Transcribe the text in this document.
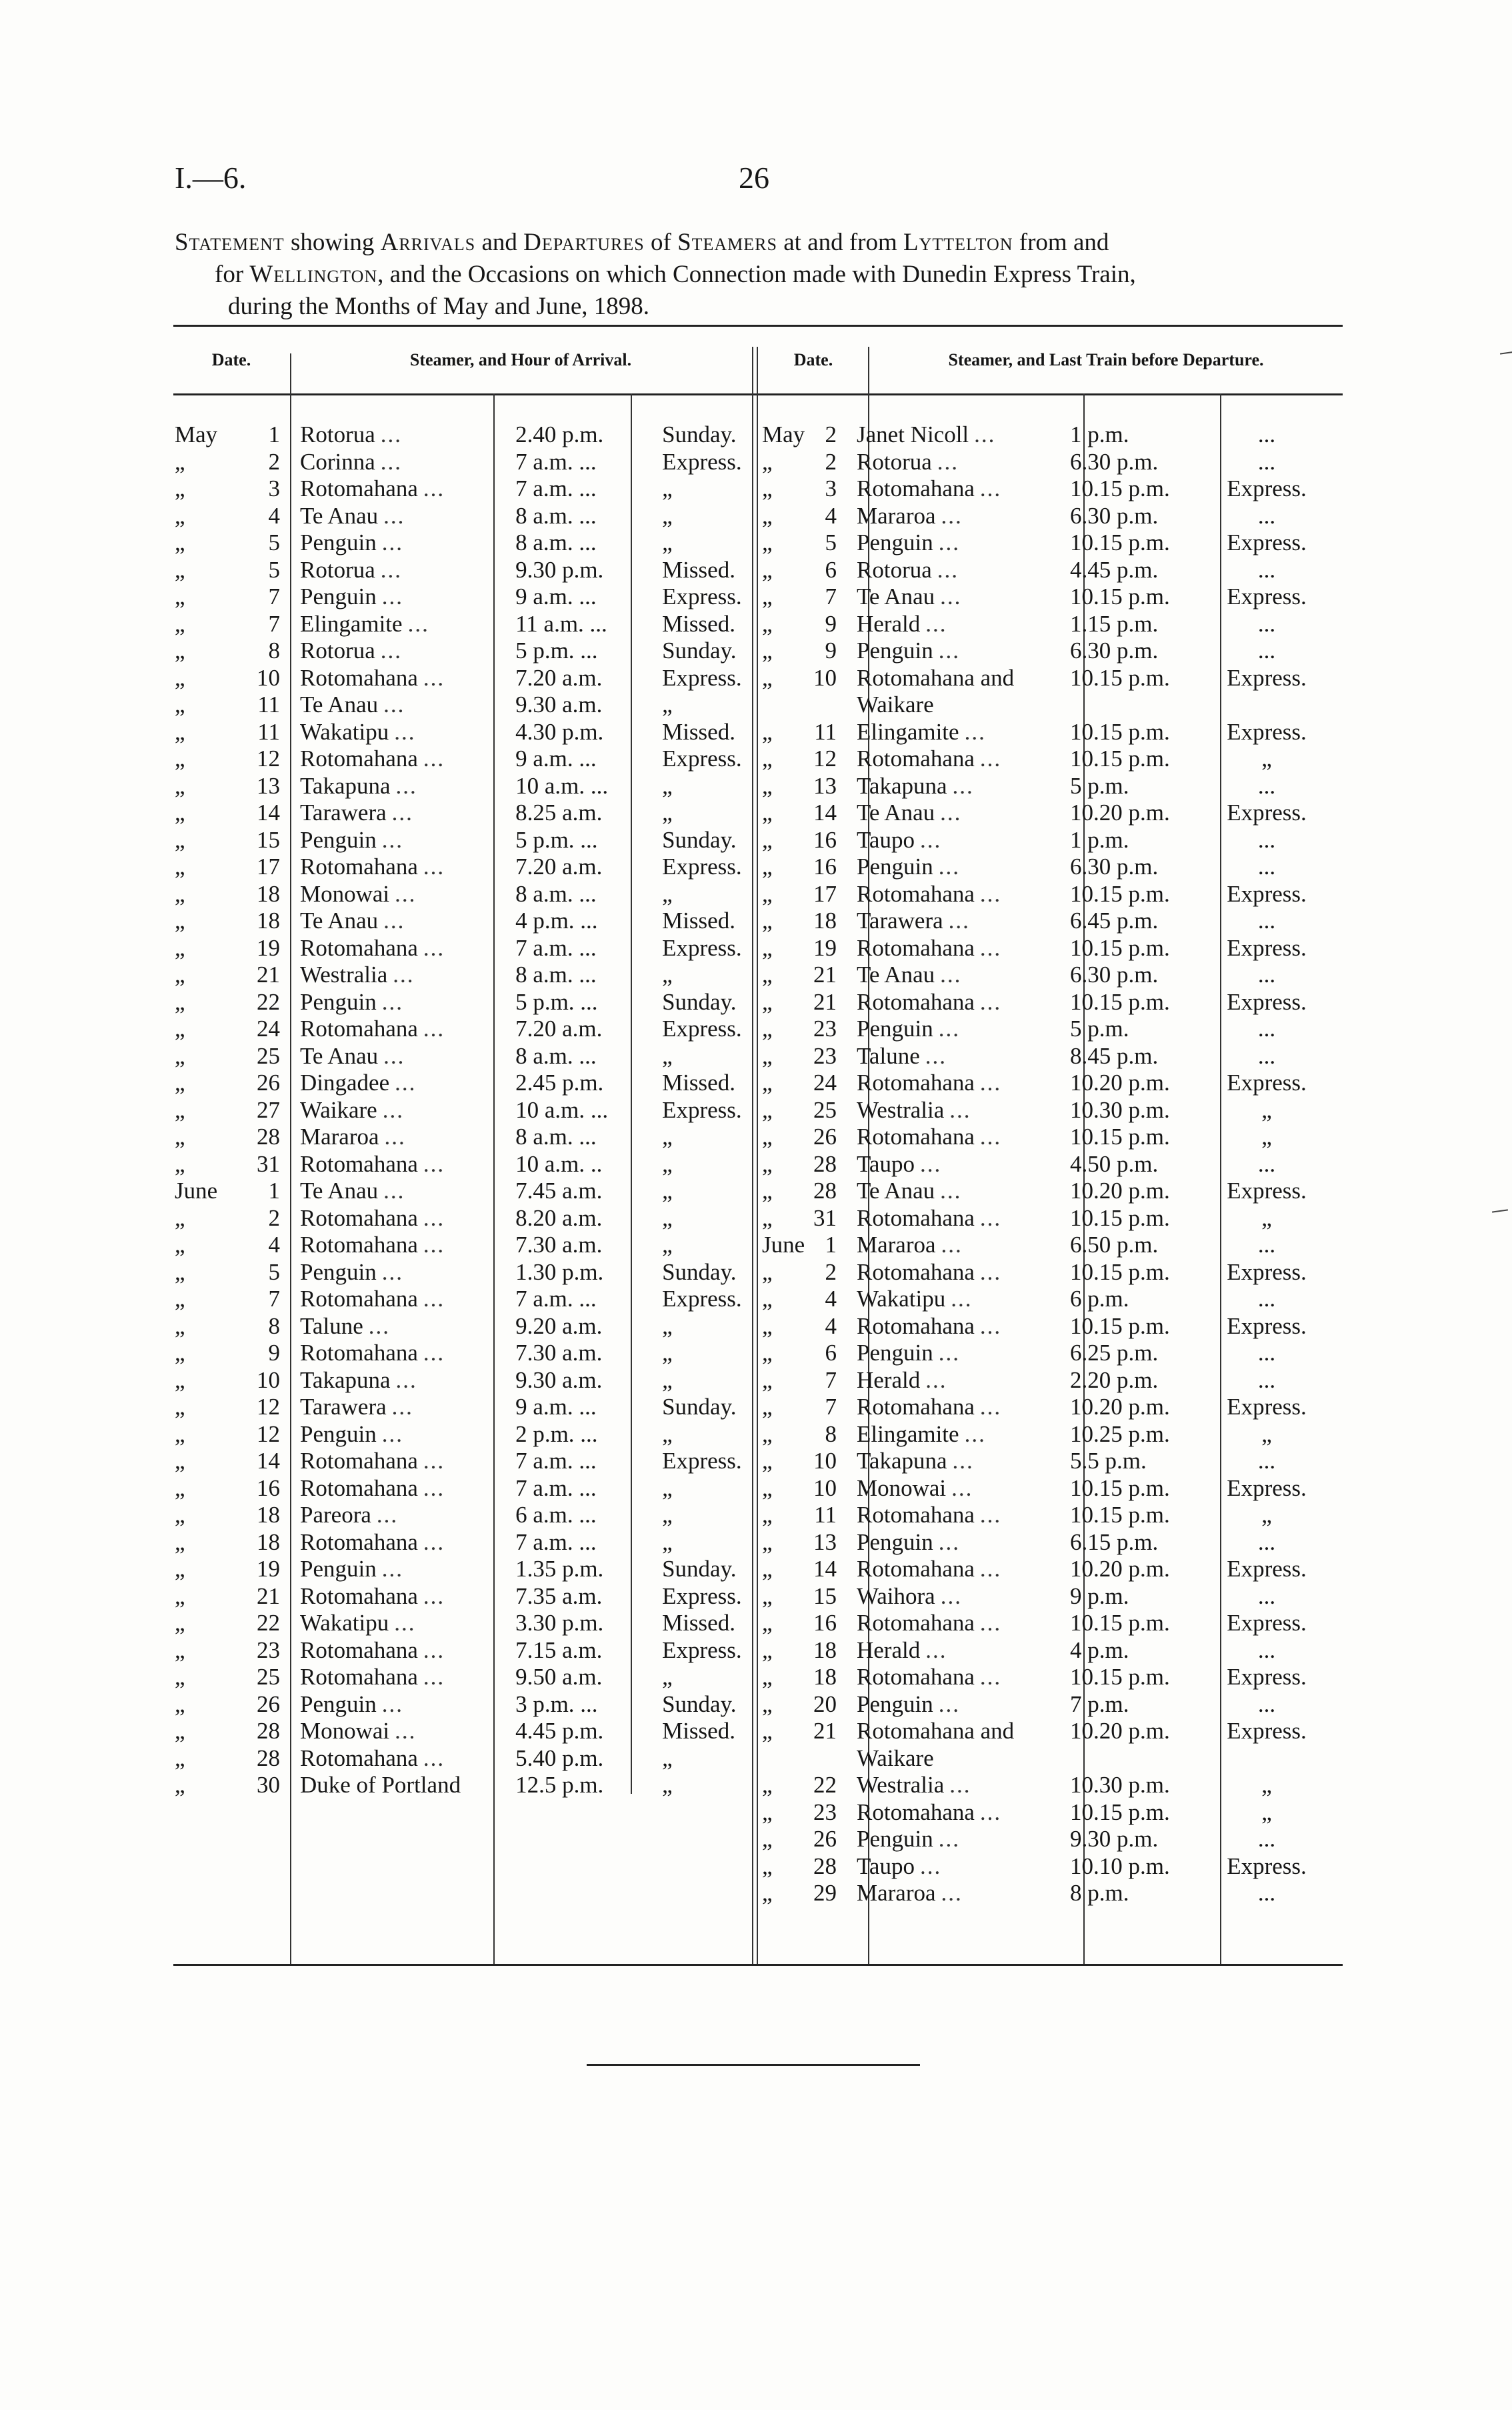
I.—6.	26
Statement showing Arrivals and Departures of Steamers at and from Lyttelton from and
for Wellington, and the Occasions on which Connection made with Dunedin Express Train,
during the Months of May and June, 1898.
Date.	Steamer, and Hour of Arrival.	Date.	Steamer, and Last Train before Departure.
May	1	Rotorua ...	2.40 p.m.	Sunday.
„	2	Corinna ...	7 a.m. ...	Express.
„	3	Rotomahana ...	7 a.m. ...	„
„	4	Te Anau ...	8 a.m. ...	„
„	5	Penguin ...	8 a.m. ...	„
„	5	Rotorua ...	9.30 p.m.	Missed.
„	7	Penguin ...	9 a.m. ...	Express.
„	7	Elingamite ...	11 a.m. ...	Missed.
„	8	Rotorua ...	5 p.m. ...	Sunday.
„	10	Rotomahana ...	7.20 a.m.	Express.
„	11	Te Anau ...	9.30 a.m.	„
„	11	Wakatipu ...	4.30 p.m.	Missed.
„	12	Rotomahana ...	9 a.m. ...	Express.
„	13	Takapuna ...	10 a.m. ...	„
„	14	Tarawera ...	8.25 a.m.	„
„	15	Penguin ...	5 p.m. ...	Sunday.
„	17	Rotomahana ...	7.20 a.m.	Express.
„	18	Monowai ...	8 a.m. ...	„
„	18	Te Anau ...	4 p.m. ...	Missed.
„	19	Rotomahana ...	7 a.m. ...	Express.
„	21	Westralia ...	8 a.m. ...	„
„	22	Penguin ...	5 p.m. ...	Sunday.
„	24	Rotomahana ...	7.20 a.m.	Express.
„	25	Te Anau ...	8 a.m. ...	„
„	26	Dingadee ...	2.45 p.m.	Missed.
„	27	Waikare ...	10 a.m. ...	Express.
„	28	Mararoa ...	8 a.m. ...	„
„	31	Rotomahana ...	10 a.m. ..	„
June	1	Te Anau ...	7.45 a.m.	„
„	2	Rotomahana ...	8.20 a.m.	„
„	4	Rotomahana ...	7.30 a.m.	„
„	5	Penguin ...	1.30 p.m.	Sunday.
„	7	Rotomahana ...	7 a.m. ...	Express.
„	8	Talune ...	9.20 a.m.	„
„	9	Rotomahana ...	7.30 a.m.	„
„	10	Takapuna ...	9.30 a.m.	„
„	12	Tarawera ...	9 a.m. ...	Sunday.
„	12	Penguin ...	2 p.m. ...	„
„	14	Rotomahana ...	7 a.m. ...	Express.
„	16	Rotomahana ...	7 a.m. ...	„
„	18	Pareora ...	6 a.m. ...	„
„	18	Rotomahana ...	7 a.m. ...	„
„	19	Penguin ...	1.35 p.m.	Sunday.
„	21	Rotomahana ...	7.35 a.m.	Express.
„	22	Wakatipu ...	3.30 p.m.	Missed.
„	23	Rotomahana ...	7.15 a.m.	Express.
„	25	Rotomahana ...	9.50 a.m.	„
„	26	Penguin ...	3 p.m. ...	Sunday.
„	28	Monowai ...	4.45 p.m.	Missed.
„	28	Rotomahana ...	5.40 p.m.	„
„	30	Duke of Portland	12.5 p.m.	„
May	2	Janet Nicoll ...	1 p.m.	...
„	2	Rotorua ...	6.30 p.m.	...
„	3	Rotomahana ...	10.15 p.m.	Express.
„	4	Mararoa ...	6.30 p.m.	...
„	5	Penguin ...	10.15 p.m.	Express.
„	6	Rotorua ...	4.45 p.m.	...
„	7	Te Anau ...	10.15 p.m.	Express.
„	9	Herald ...	1.15 p.m.	...
„	9	Penguin ...	6.30 p.m.	...
„	10	Rotomahana and	10.15 p.m.	Express.
		Waikare		
„	11	Elingamite ...	10.15 p.m.	Express.
„	12	Rotomahana ...	10.15 p.m.	„
„	13	Takapuna ...	5 p.m.	...
„	14	Te Anau ...	10.20 p.m.	Express.
„	16	Taupo ...	1 p.m.	...
„	16	Penguin ...	6.30 p.m.	...
„	17	Rotomahana ...	10.15 p.m.	Express.
„	18	Tarawera ...	6.45 p.m.	...
„	19	Rotomahana ...	10.15 p.m.	Express.
„	21	Te Anau ...	6.30 p.m.	...
„	21	Rotomahana ...	10.15 p.m.	Express.
„	23	Penguin ...	5 p.m.	...
„	23	Talune ...	8.45 p.m.	...
„	24	Rotomahana ...	10.20 p.m.	Express.
„	25	Westralia ...	10.30 p.m.	„
„	26	Rotomahana ...	10.15 p.m.	„
„	28	Taupo ...	4.50 p.m.	...
„	28	Te Anau ...	10.20 p.m.	Express.
„	31	Rotomahana ...	10.15 p.m.	„
June	1	Mararoa ...	6.50 p.m.	...
„	2	Rotomahana ...	10.15 p.m.	Express.
„	4	Wakatipu ...	6 p.m.	...
„	4	Rotomahana ...	10.15 p.m.	Express.
„	6	Penguin ...	6.25 p.m.	...
„	7	Herald ...	2.20 p.m.	...
„	7	Rotomahana ...	10.20 p.m.	Express.
„	8	Elingamite ...	10.25 p.m.	„
„	10	Takapuna ...	5.5 p.m.	...
„	10	Monowai ...	10.15 p.m.	Express.
„	11	Rotomahana ...	10.15 p.m.	„
„	13	Penguin ...	6.15 p.m.	...
„	14	Rotomahana ...	10.20 p.m.	Express.
„	15	Waihora ...	9 p.m.	...
„	16	Rotomahana ...	10.15 p.m.	Express.
„	18	Herald ...	4 p.m.	...
„	18	Rotomahana ...	10.15 p.m.	Express.
„	20	Penguin ...	7 p.m.	...
„	21	Rotomahana and	10.20 p.m.	Express.
		Waikare		
„	22	Westralia ...	10.30 p.m.	„
„	23	Rotomahana ...	10.15 p.m.	„
„	26	Penguin ...	9.30 p.m.	...
„	28	Taupo ...	10.10 p.m.	Express.
„	29	Mararoa ...	8 p.m.	...
